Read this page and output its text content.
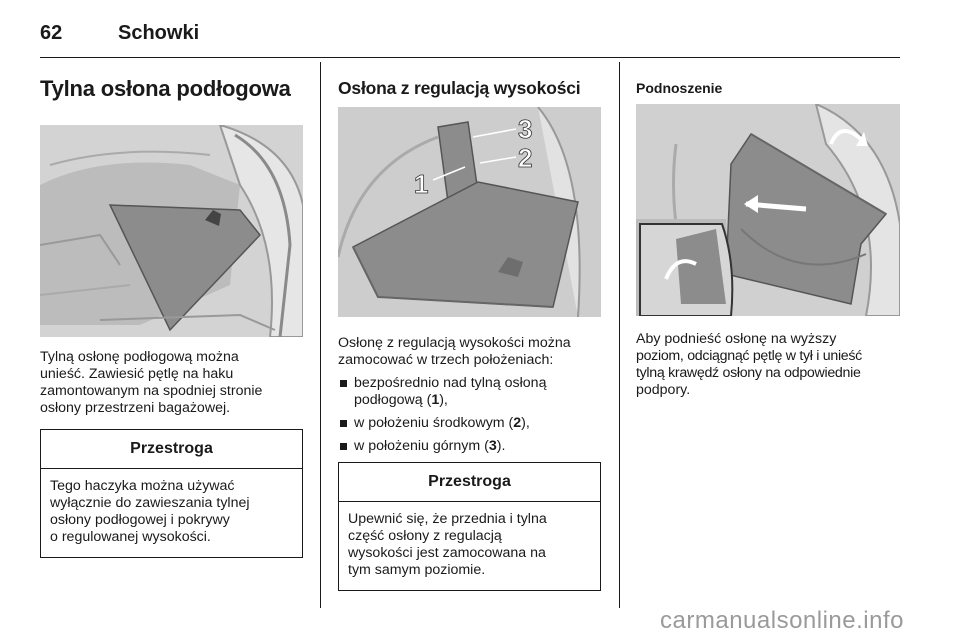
62	Schowki
Tylna osłona podłogowa

Tylną osłonę podłogową można
unieść. Zawiesić pętlę na haku
zamontowanym na spodniej stronie
osłony przestrzeni bagażowej.

Przestroga
Tego haczyka można używać
wyłącznie do zawieszania tylnej
osłony podłogowej i pokrywy
o regulowanej wysokości.
Osłona z regulacją wysokości
1
2
3

Osłonę z regulacją wysokości można
zamocować w trzech położeniach:

bezpośrednio nad tylną osłoną
podłogową (1),
w położeniu środkowym (2),
w położeniu górnym (3).
Przestroga
Upewnić się, że przednia i tylna
część osłony z regulacją
wysokości jest zamocowana na
tym samym poziomie.
Podnoszenie

Aby podnieść osłonę na wyższy
poziom, odciągnąć pętlę w tył i unieść
tylną krawędź osłony na odpowiednie
podpory.

carmanualsonline.info
